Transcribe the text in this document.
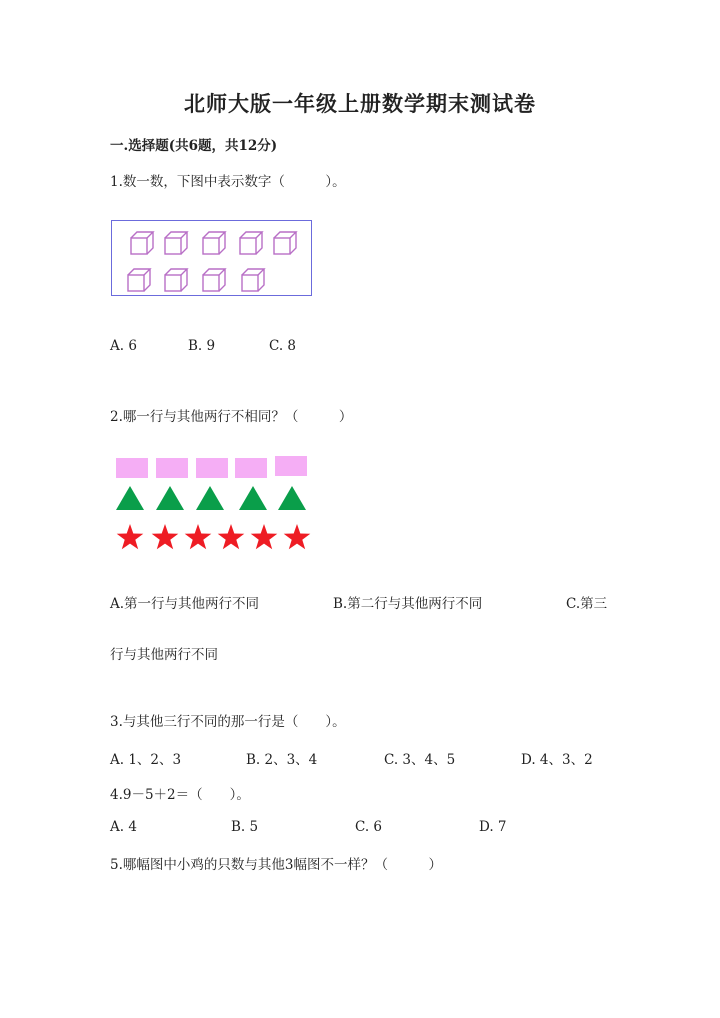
北师大版一年级上册数学期末测试卷
一.选择题(共6题，共12分)
1.数一数，下图中表示数字（　　　）。
A. 6	B. 9	C. 8
2.哪一行与其他两行不相同？（　　　）
A.第一行与其他两行不同	B.第二行与其他两行不同	C.第三
行与其他两行不同
3.与其他三行不同的那一行是（　　）。
A. 1、2、3	B. 2、3、4	C. 3、4、5	D. 4、3、2
4.9－5＋2＝（　　）。
A. 4	B. 5	C. 6	D. 7
5.哪幅图中小鸡的只数与其他3幅图不一样？（　　　）
